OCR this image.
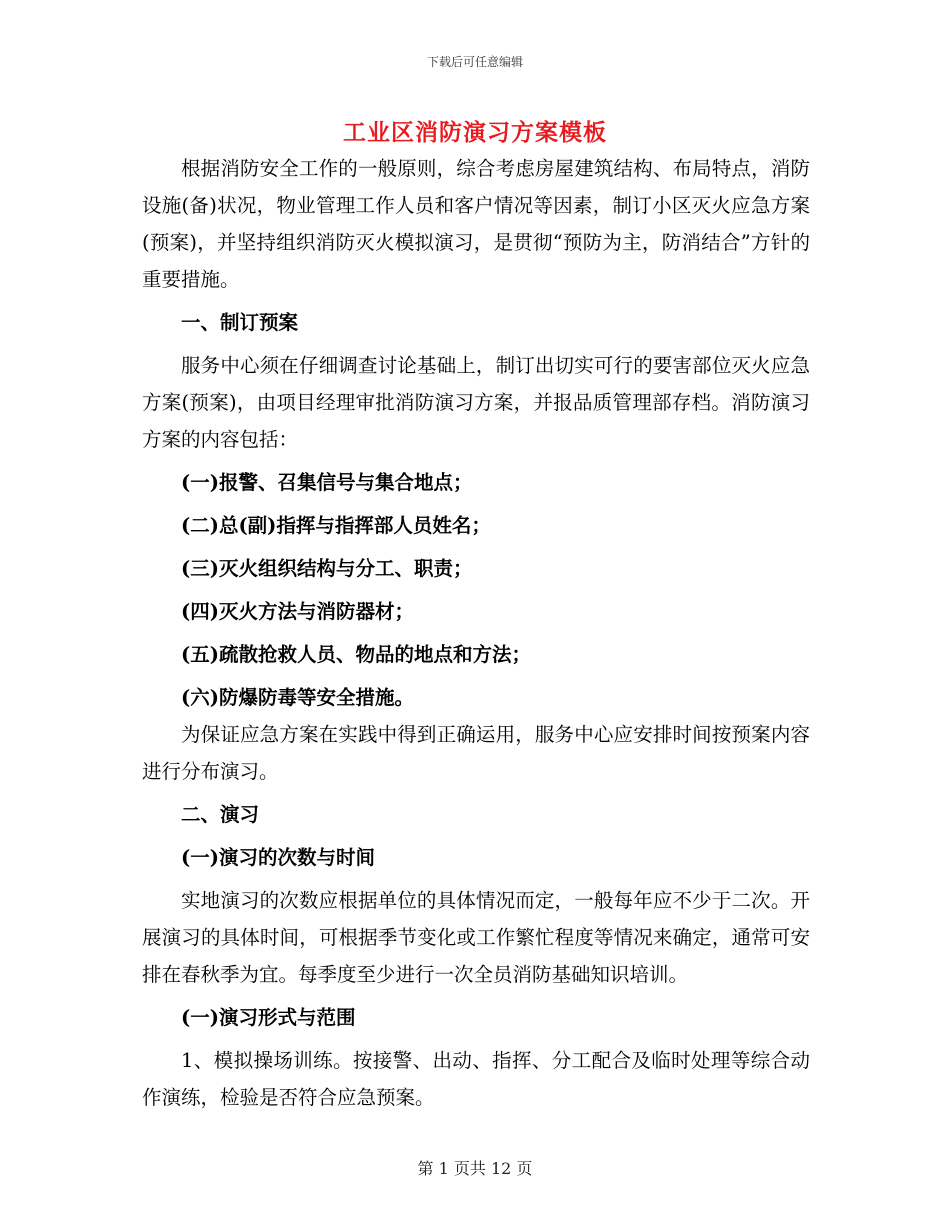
下载后可任意编辑
工业区消防演习方案模板

根据消防安全工作的一般原则，综合考虑房屋建筑结构、布局特点，消防设施(备)状况，物业管理工作人员和客户情况等因素，制订小区灭火应急方案(预案)，并坚持组织消防灭火模拟演习，是贯彻“预防为主，防消结合”方针的重要措施。

一、制订预案

服务中心须在仔细调查讨论基础上，制订出切实可行的要害部位灭火应急方案(预案)，由项目经理审批消防演习方案，并报品质管理部存档。消防演习方案的内容包括：

(一)报警、召集信号与集合地点；

(二)总(副)指挥与指挥部人员姓名；

(三)灭火组织结构与分工、职责；

(四)灭火方法与消防器材；

(五)疏散抢救人员、物品的地点和方法；

(六)防爆防毒等安全措施。

为保证应急方案在实践中得到正确运用，服务中心应安排时间按预案内容进行分布演习。

二、演习

(一)演习的次数与时间

实地演习的次数应根据单位的具体情况而定，一般每年应不少于二次。开展演习的具体时间，可根据季节变化或工作繁忙程度等情况来确定，通常可安排在春秋季为宜。每季度至少进行一次全员消防基础知识培训。

(一)演习形式与范围

1、模拟操场训练。按接警、出动、指挥、分工配合及临时处理等综合动作演练，检验是否符合应急预案。

第 1 页共 12 页
